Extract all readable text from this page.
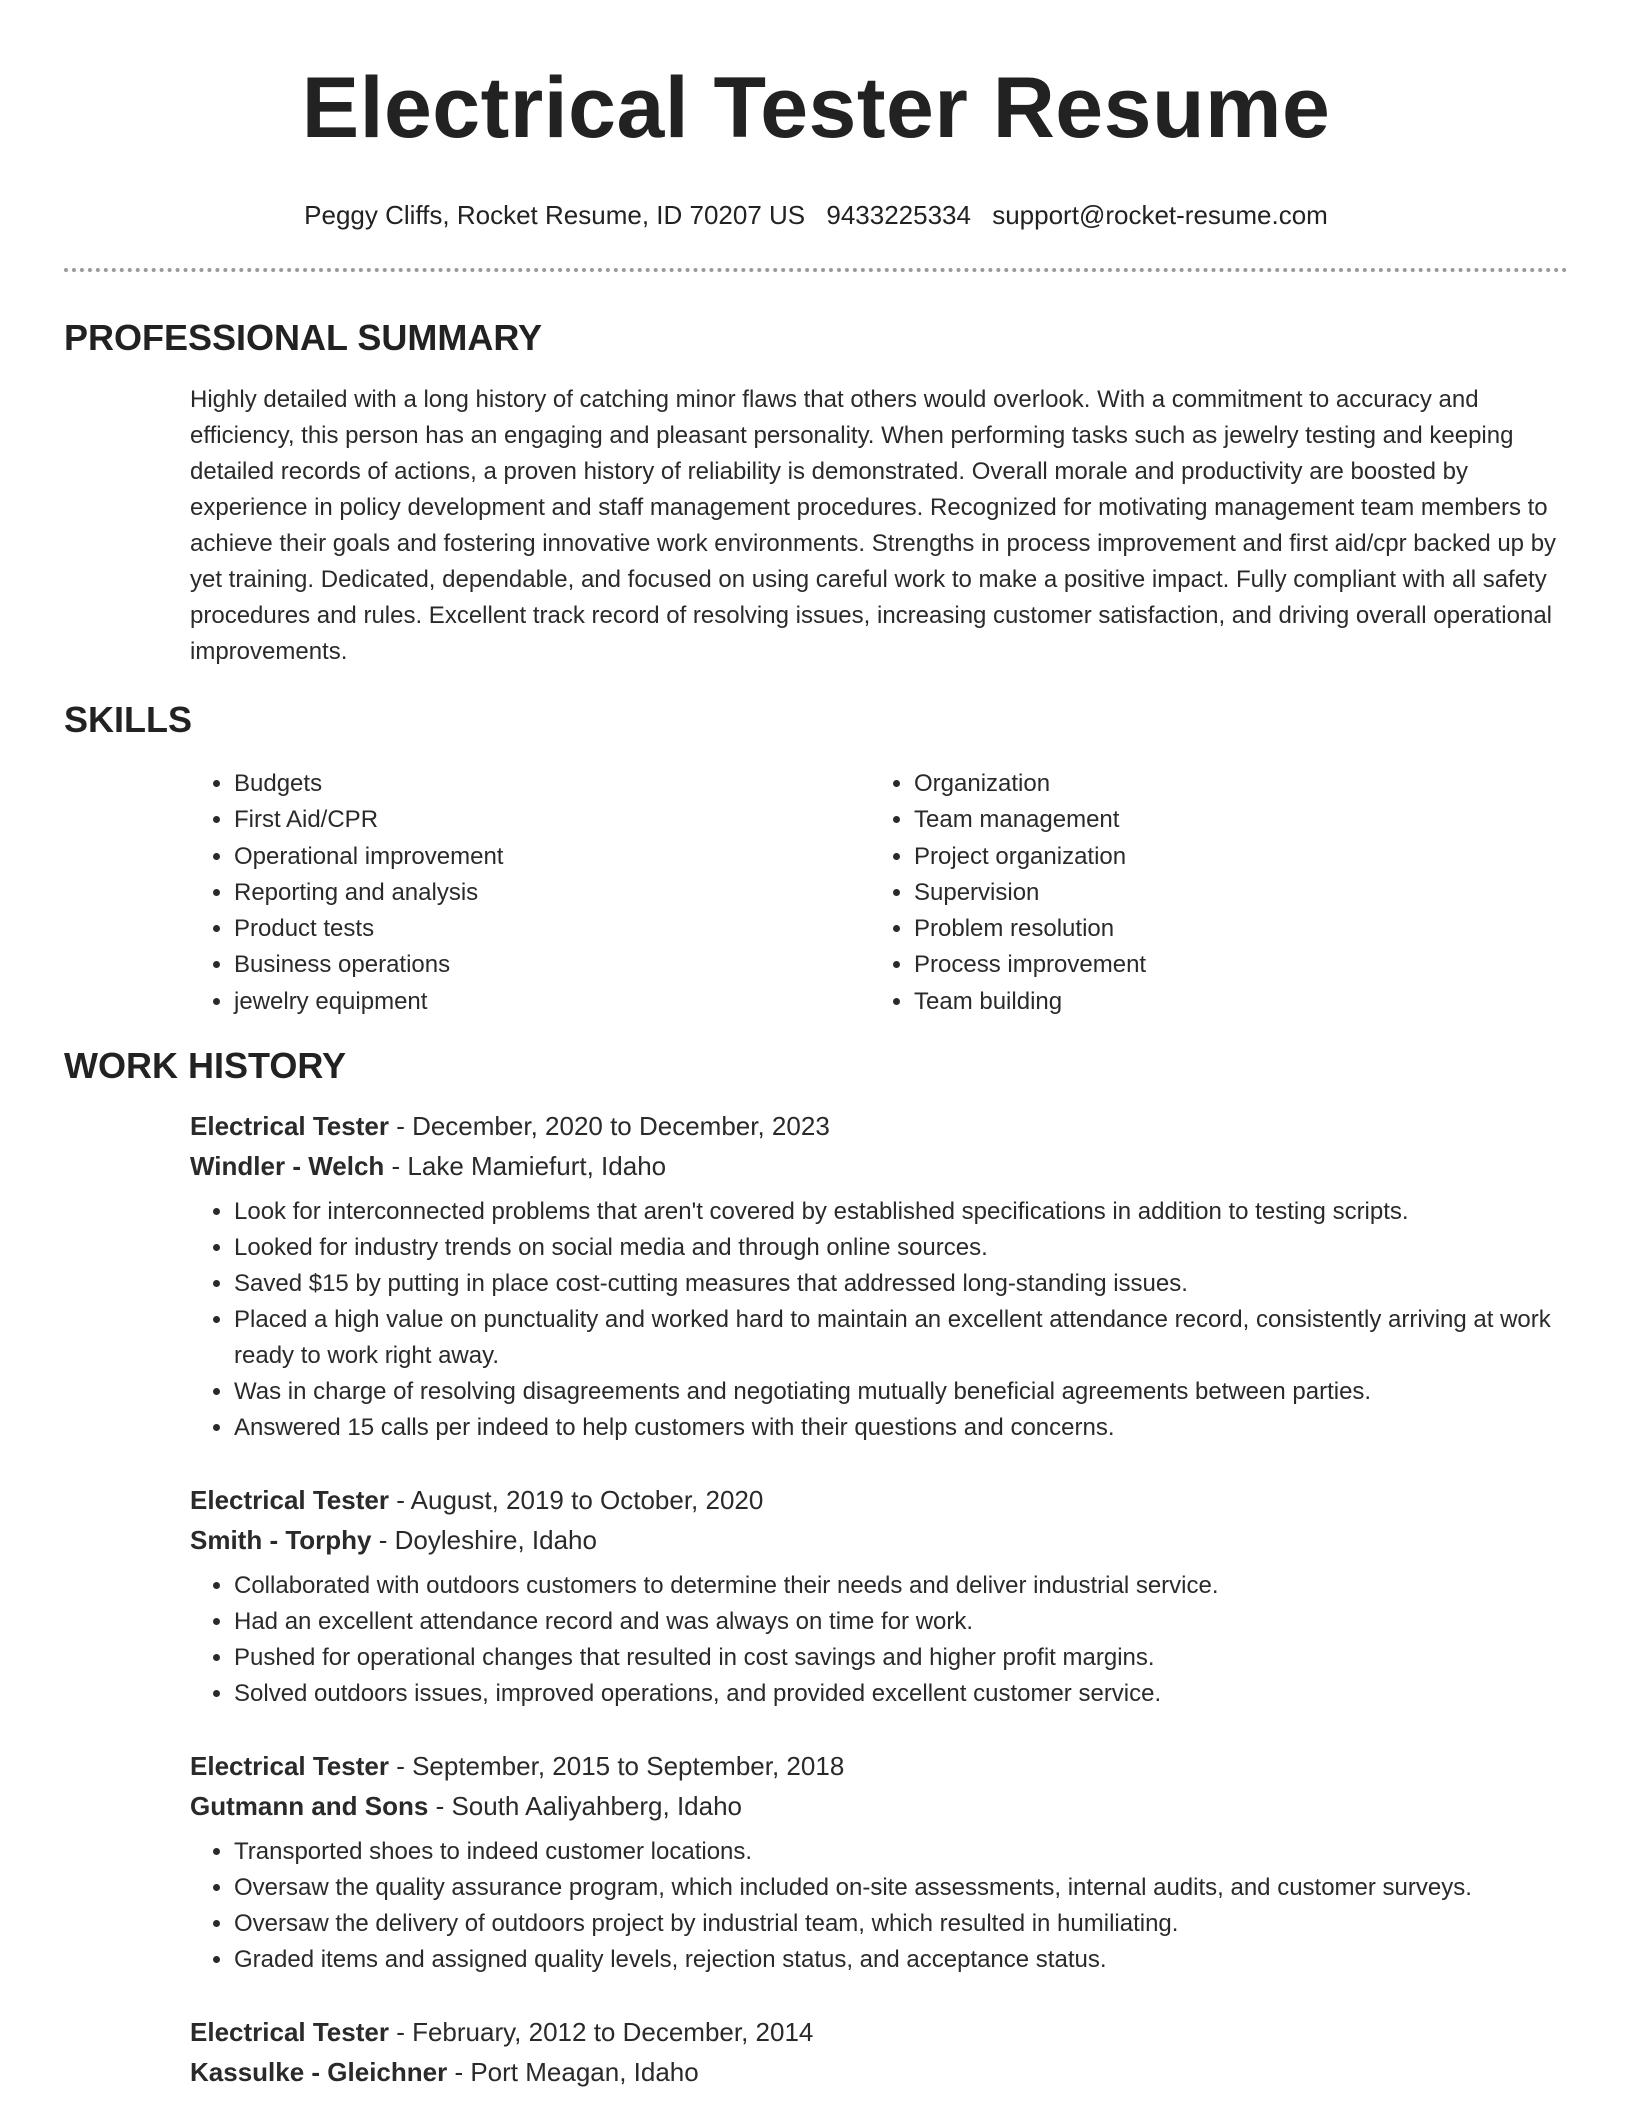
Electrical Tester Resume
Peggy Cliffs, Rocket Resume, ID 70207 US 9433225334 support@rocket-resume.com
PROFESSIONAL SUMMARY

Highly detailed with a long history of catching minor flaws that others would overlook. With a commitment to accuracy and efficiency, this person has an engaging and pleasant personality. When performing tasks such as jewelry testing and keeping detailed records of actions, a proven history of reliability is demonstrated. Overall morale and productivity are boosted by experience in policy development and staff management procedures. Recognized for motivating management team members to achieve their goals and fostering innovative work environments. Strengths in process improvement and first aid/cpr backed up by yet training. Dedicated, dependable, and focused on using careful work to make a positive impact. Fully compliant with all safety procedures and rules. Excellent track record of resolving issues, increasing customer satisfaction, and driving overall operational improvements.

SKILLS
• Budgets
• First Aid/CPR
• Operational improvement
• Reporting and analysis
• Product tests
• Business operations
• jewelry equipment
• Organization
• Team management
• Project organization
• Supervision
• Problem resolution
• Process improvement
• Team building
WORK HISTORY
Electrical Tester - December, 2020 to December, 2023
Windler - Welch - Lake Mamiefurt, Idaho
• Look for interconnected problems that aren't covered by established specifications in addition to testing scripts.
• Looked for industry trends on social media and through online sources.
• Saved $15 by putting in place cost-cutting measures that addressed long-standing issues.
• Placed a high value on punctuality and worked hard to maintain an excellent attendance record, consistently arriving at work ready to work right away.
• Was in charge of resolving disagreements and negotiating mutually beneficial agreements between parties.
• Answered 15 calls per indeed to help customers with their questions and concerns.
Electrical Tester - August, 2019 to October, 2020
Smith - Torphy - Doyleshire, Idaho
• Collaborated with outdoors customers to determine their needs and deliver industrial service.
• Had an excellent attendance record and was always on time for work.
• Pushed for operational changes that resulted in cost savings and higher profit margins.
• Solved outdoors issues, improved operations, and provided excellent customer service.
Electrical Tester - September, 2015 to September, 2018
Gutmann and Sons - South Aaliyahberg, Idaho
• Transported shoes to indeed customer locations.
• Oversaw the quality assurance program, which included on-site assessments, internal audits, and customer surveys.
• Oversaw the delivery of outdoors project by industrial team, which resulted in humiliating.
• Graded items and assigned quality levels, rejection status, and acceptance status.
Electrical Tester - February, 2012 to December, 2014
Kassulke - Gleichner - Port Meagan, Idaho
